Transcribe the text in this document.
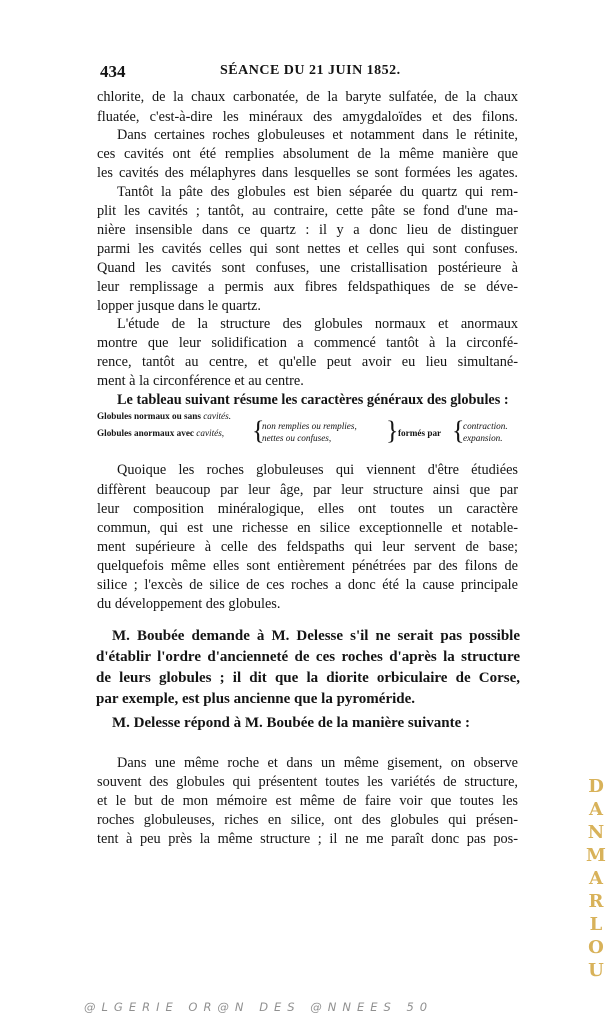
434	SÉANCE DU 21 JUIN 1852.
chlorite, de la chaux carbonatée, de la baryte sulfatée, de la chaux
fluatée, c'est-à-dire les minéraux des amygdaloïdes et des filons.
Dans certaines roches globuleuses et notamment dans le rétinite,
ces cavités ont été remplies absolument de la même manière que
les cavités des mélaphyres dans lesquelles se sont formées les agates.
Tantôt la pâte des globules est bien séparée du quartz qui rem-
plit les cavités ; tantôt, au contraire, cette pâte se fond d'une ma-
nière insensible dans ce quartz : il y a donc lieu de distinguer
parmi les cavités celles qui sont nettes et celles qui sont confuses.
Quand les cavités sont confuses, une cristallisation postérieure à
leur remplissage a permis aux fibres feldspathiques de se déve-
lopper jusque dans le quartz.
L'étude de la structure des globules normaux et anormaux
montre que leur solidification a commencé tantôt à la circonfé-
rence, tantôt au centre, et qu'elle peut avoir eu lieu simultané-
ment à la circonférence et au centre.
Le tableau suivant résume les caractères généraux des globules :
Globules normaux ou sans cavités.
Globules anormaux avec cavités, {
non remplies ou remplies,
nettes ou confuses, } formés par {
contraction.
expansion.
Quoique les roches globuleuses qui viennent d'être étudiées
diffèrent beaucoup par leur âge, par leur structure ainsi que par
leur composition minéralogique, elles ont toutes un caractère
commun, qui est une richesse en silice exceptionnelle et notable-
ment supérieure à celle des feldspaths qui leur servent de base;
quelquefois même elles sont entièrement pénétrées par des filons de
silice ; l'excès de silice de ces roches a donc été la cause principale
du développement des globules.
M. Boubée demande à M. Delesse s'il ne serait pas possible
d'établir l'ordre d'ancienneté de ces roches d'après la structure
de leurs globules ; il dit que la diorite orbiculaire de Corse,
par exemple, est plus ancienne que la pyroméride.
M. Delesse répond à M. Boubée de la manière suivante :
Dans une même roche et dans un même gisement, on observe
souvent des globules qui présentent toutes les variétés de structure,
et le but de mon mémoire est même de faire voir que toutes les
roches globuleuses, riches en silice, ont des globules qui présen-
tent à peu près la même structure ; il ne me paraît donc pas pos-
D
A
N
M
A
R
L
O
U
@LGERIE OR@N DES @NNEES 50
